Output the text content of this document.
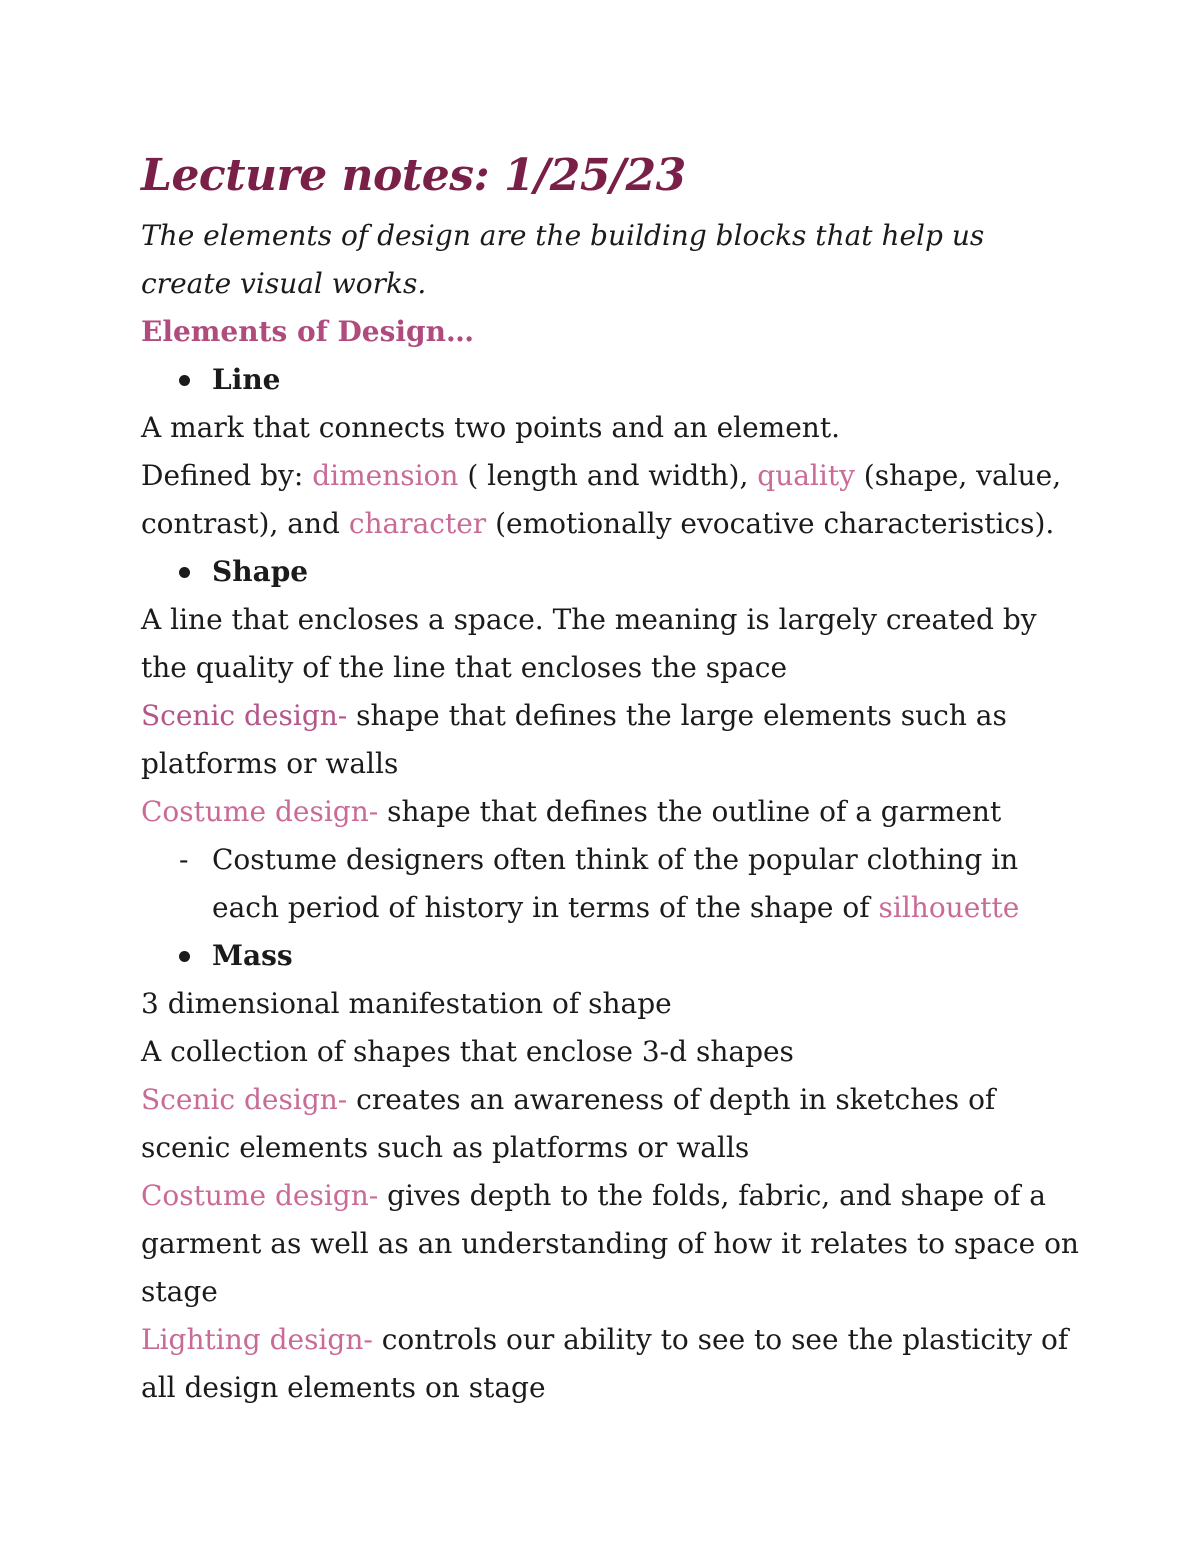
Lecture notes: 1/25/23

The elements of design are the building blocks that help us create visual works.

Elements of Design…

Line

A mark that connects two points and an element.

Defined by: dimension ( length and width), quality (shape, value, contrast), and character (emotionally evocative characteristics).

Shape

A line that encloses a space. The meaning is largely created by the quality of the line that encloses the space

Scenic design- shape that defines the large elements such as platforms or walls

Costume design- shape that defines the outline of a garment

- Costume designers often think of the popular clothing in each period of history in terms of the shape of silhouette

Mass

3 dimensional manifestation of shape

A collection of shapes that enclose 3-d shapes

Scenic design- creates an awareness of depth in sketches of scenic elements such as platforms or walls

Costume design- gives depth to the folds, fabric, and shape of a garment as well as an understanding of how it relates to space on stage

Lighting design- controls our ability to see to see the plasticity of all design elements on stage
